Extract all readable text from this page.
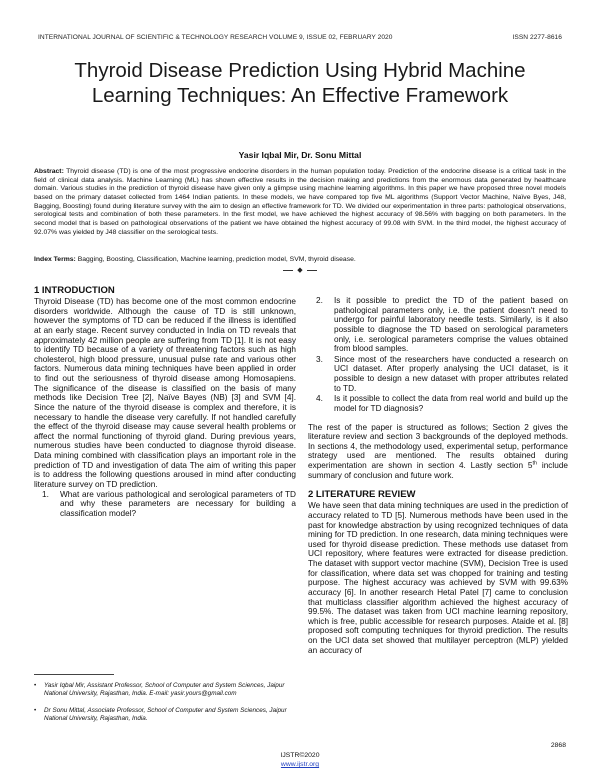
INTERNATIONAL JOURNAL OF SCIENTIFIC & TECHNOLOGY RESEARCH VOLUME 9, ISSUE 02, FEBRUARY 2020	ISSN 2277-8616
Thyroid Disease Prediction Using Hybrid Machine Learning Techniques: An Effective Framework
Yasir Iqbal Mir, Dr. Sonu Mittal
Abstract: Thyroid disease (TD) is one of the most progressive endocrine disorders in the human population today. Prediction of the endocrine disease is a critical task in the field of clinical data analysis. Machine Learning (ML) has shown effective results in the decision making and predictions from the enormous data generated by healthcare domain. Various studies in the prediction of thyroid disease have given only a glimpse using machine learning algorithms. In this paper we have proposed three novel models based on the primary dataset collected from 1464 Indian patients. In these models, we have compared top five ML algorithms (Support Vector Machine, Naïve Byes, J48, Bagging, Boosting) found during literature survey with the aim to design an effective framework for TD. We divided our experimentation in three parts: pathological observations, serological tests and combination of both these parameters. In the first model, we have achieved the highest accuracy of 98.56% with bagging on both parameters. In the second model that is based on pathological observations of the patient we have obtained the highest accuracy of 99.08 with SVM. In the third model, the highest accuracy of 92.07% was yielded by J48 classifier on the serological tests.
Index Terms: Bagging, Boosting, Classification, Machine learning, prediction model, SVM, thyroid disease.
◆
1 INTRODUCTION

Thyroid Disease (TD) has become one of the most common endocrine disorders worldwide. Although the cause of TD is still unknown, however the symptoms of TD can be reduced if the illness is identified at an early stage. Recent survey conducted in India on TD reveals that approximately 42 million people are suffering from TD [1]. It is not easy to identify TD because of a variety of threatening factors such as high cholesterol, high blood pressure, unusual pulse rate and various other factors. Numerous data mining techniques have been applied in order to find out the seriousness of thyroid disease among Homosapiens. The significance of the disease is classified on the basis of many methods like Decision Tree [2], Naïve Bayes (NB) [3] and SVM [4]. Since the nature of the thyroid disease is complex and therefore, it is necessary to handle the disease very carefully. If not handled carefully the effect of the thyroid disease may cause several health problems or affect the normal functioning of thyroid gland. During previous years, numerous studies have been conducted to diagnose thyroid disease. Data mining combined with classification plays an important role in the prediction of TD and investigation of data The aim of writing this paper is to address the following questions aroused in mind after conducting literature survey on TD prediction.

1. What are various pathological and serological parameters of TD and why these parameters are necessary for building a classification model?
2. Is it possible to predict the TD of the patient based on pathological parameters only, i.e. the patient doesn't need to undergo for painful laboratory needle tests. Similarly, is it also possible to diagnose the TD based on serological parameters only, i.e. serological parameters comprise the values obtained from blood samples.
3. Since most of the researchers have conducted a research on UCI dataset. After properly analysing the UCI dataset, is it possible to design a new dataset with proper attributes related to TD.
4. Is it possible to collect the data from real world and build up the model for TD diagnosis?

The rest of the paper is structured as follows; Section 2 gives the literature review and section 3 backgrounds of the deployed methods. In sections 4, the methodology used, experimental setup, performance strategy used are mentioned. The results obtained during experimentation are shown in section 4. Lastly section 5th include summary of conclusion and future work.

2 LITERATURE REVIEW

We have seen that data mining techniques are used in the prediction of accuracy related to TD [5]. Numerous methods have been used in the past for knowledge abstraction by using recognized techniques of data mining for TD prediction. In one research, data mining techniques were used for thyroid disease prediction. These methods use dataset from UCI repository, where features were extracted for disease prediction. The dataset with support vector machine (SVM), Decision Tree is used for classification, where data set was chopped for training and testing purpose. The highest accuracy was achieved by SVM with 99.63% accuracy [6]. In another research Hetal Patel [7] came to conclusion that multiclass classifier algorithm achieved the highest accuracy of 99.5%. The dataset was taken from UCI machine learning repository, which is free, public accessible for research purposes. Ataide et al. [8] proposed soft computing techniques for thyroid prediction. The results on the UCI data set showed that multilayer perceptron (MLP) yielded an accuracy of

•	Yasir Iqbal Mir, Assistant Professor, School of Computer and System Sciences, Jaipur National University, Rajasthan, India. E-mail: yasir.yours@gmail.com
•	Dr Sonu Mittal, Associate Professor, School of Computer and System Sciences, Jaipur National University, Rajasthan, India.
2868
IJSTR©2020
www.ijstr.org
